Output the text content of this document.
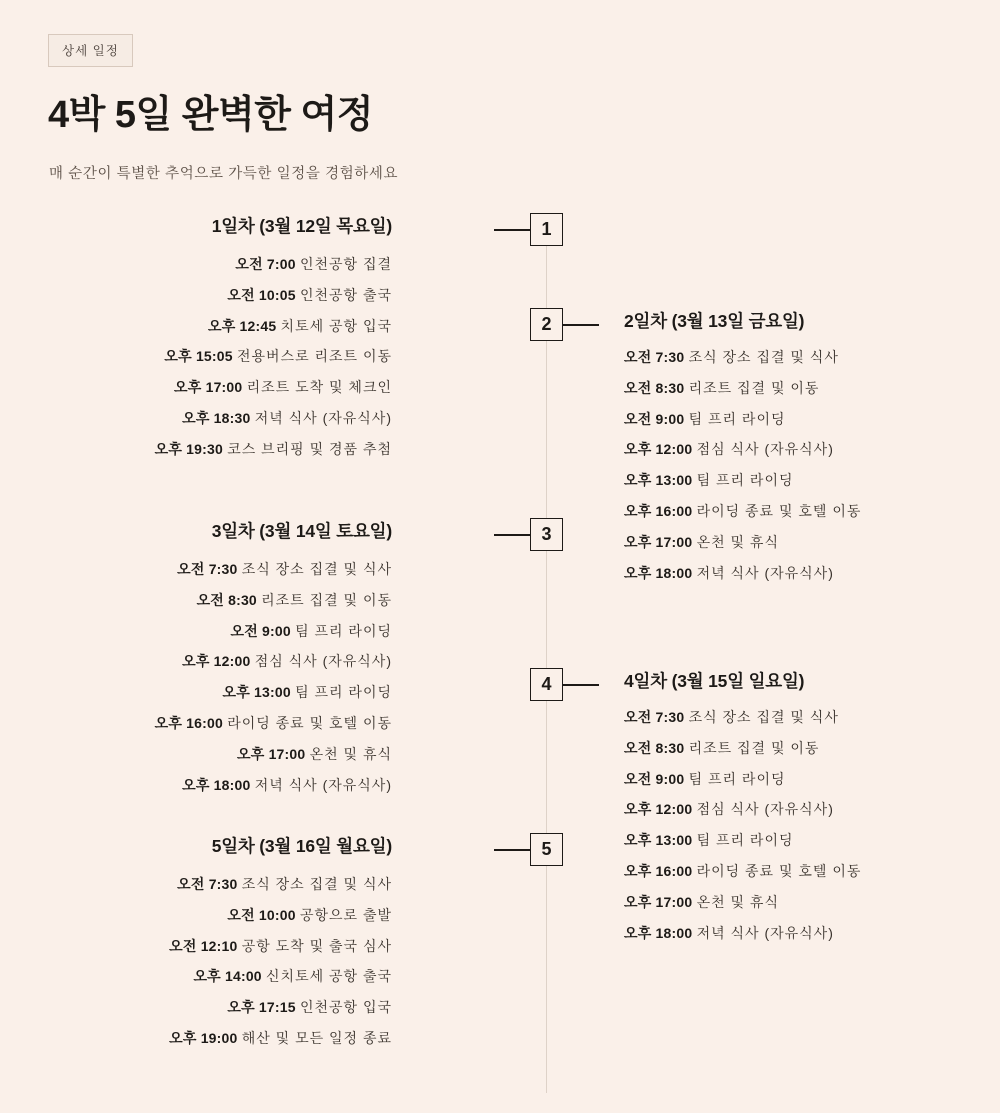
상세 일정
4박 5일 완벽한 여정

매 순간이 특별한 추억으로 가득한 일정을 경험하세요

1
1일차 (3월 12일 목요일)
오전 7:00 인천공항 집결
오전 10:05 인천공항 출국
오후 12:45 치토세 공항 입국
오후 15:05 전용버스로 리조트 이동
오후 17:00 리조트 도착 및 체크인
오후 18:30 저녁 식사 (자유식사)
오후 19:30 코스 브리핑 및 경품 추첨
2	2일차 (3월 13일 금요일)
오전 7:30 조식 장소 집결 및 식사
오전 8:30 리조트 집결 및 이동
오전 9:00 팀 프리 라이딩
오후 12:00 점심 식사 (자유식사)
오후 13:00 팀 프리 라이딩
오후 16:00 라이딩 종료 및 호텔 이동
오후 17:00 온천 및 휴식
오후 18:00 저녁 식사 (자유식사)
3
3일차 (3월 14일 토요일)
오전 7:30 조식 장소 집결 및 식사
오전 8:30 리조트 집결 및 이동
오전 9:00 팀 프리 라이딩
오후 12:00 점심 식사 (자유식사)
오후 13:00 팀 프리 라이딩
오후 16:00 라이딩 종료 및 호텔 이동
오후 17:00 온천 및 휴식
오후 18:00 저녁 식사 (자유식사)
4	4일차 (3월 15일 일요일)
오전 7:30 조식 장소 집결 및 식사
오전 8:30 리조트 집결 및 이동
오전 9:00 팀 프리 라이딩
오후 12:00 점심 식사 (자유식사)
오후 13:00 팀 프리 라이딩
오후 16:00 라이딩 종료 및 호텔 이동
오후 17:00 온천 및 휴식
오후 18:00 저녁 식사 (자유식사)
5
5일차 (3월 16일 월요일)
오전 7:30 조식 장소 집결 및 식사
오전 10:00 공항으로 출발
오전 12:10 공항 도착 및 출국 심사
오후 14:00 신치토세 공항 출국
오후 17:15 인천공항 입국
오후 19:00 해산 및 모든 일정 종료
